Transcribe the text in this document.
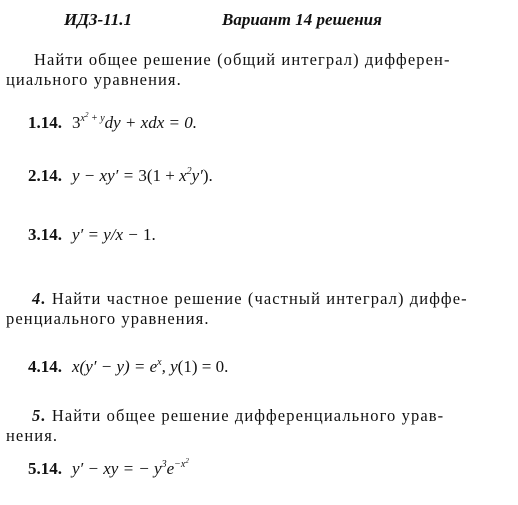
ИДЗ-11.1	Вариант 14 решения
Найти общее решение (общий интеграл) дифферен-
циального уравнения.
1.14. $3^{x^2 + y}dy$ + xdx = 0.
2.14. $y - xy' = 3(1 + x^2y')$.
3.14. y′ = y/x − 1.
4. Найти частное решение (частный интеграл) диффе-
ренциального уравнения.
4.14. $x(y' - y) = e^x$, y(1) = 0.
5. Найти общее решение дифференциального урав-
нения.
5.14. y′ − xy = − $y^3e^{-x^2}$
